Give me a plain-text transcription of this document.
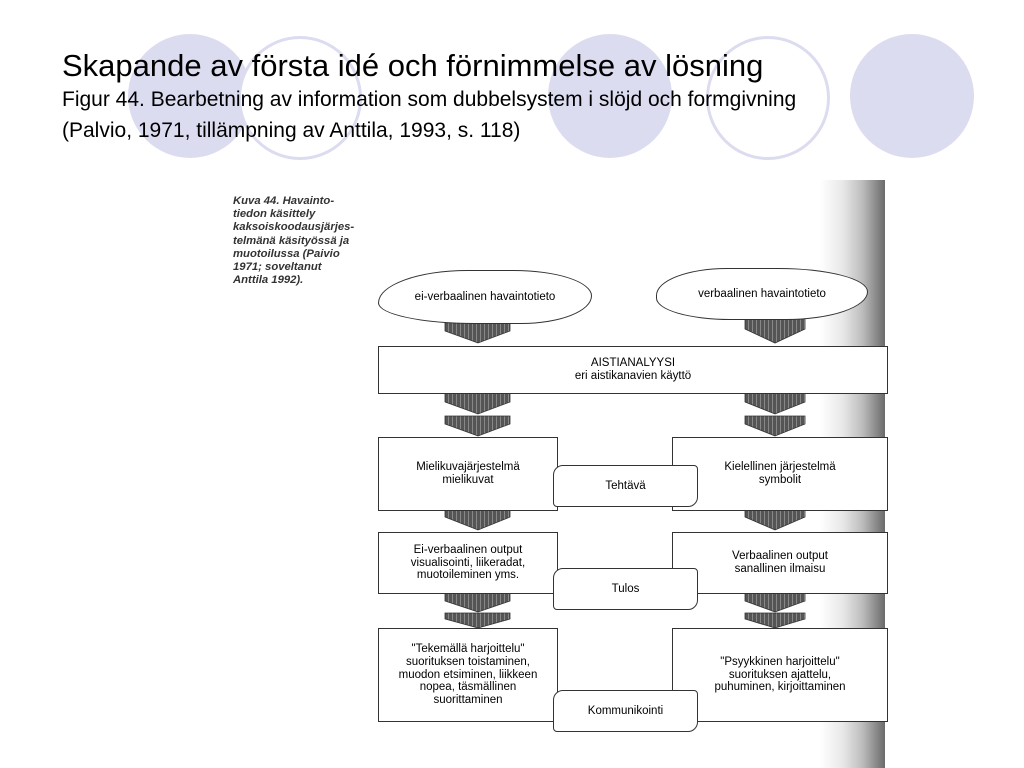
Skapande av första idé och förnimmelse av lösning
Figur 44. Bearbetning av information som dubbelsystem i slöjd och formgivning
(Palvio, 1971, tillämpning av Anttila, 1993, s. 118)
Kuva 44. Havainto-
tiedon käsittely
kaksoiskoodausjärjes-
telmänä käsityössä ja
muotoilussa (Paivio
1971; soveltanut
Anttila 1992).
ei-verbaalinen havaintotieto	verbaalinen havaintotieto
AISTIANALYYSI
eri aistikanavien käyttö
Mielikuvajärjestelmä
mielikuvat
Kielellinen järjestelmä
symbolit
Ei-verbaalinen output
visualisointi, liikeradat,
muotoileminen yms.
Verbaalinen output
sanallinen ilmaisu
"Tekemällä harjoittelu"
suorituksen toistaminen,
muodon etsiminen, liikkeen
nopea, täsmällinen
suorittaminen
"Psyykkinen harjoittelu"
suorituksen ajattelu,
puhuminen, kirjoittaminen
Tehtävä
Tulos
Kommunikointi
